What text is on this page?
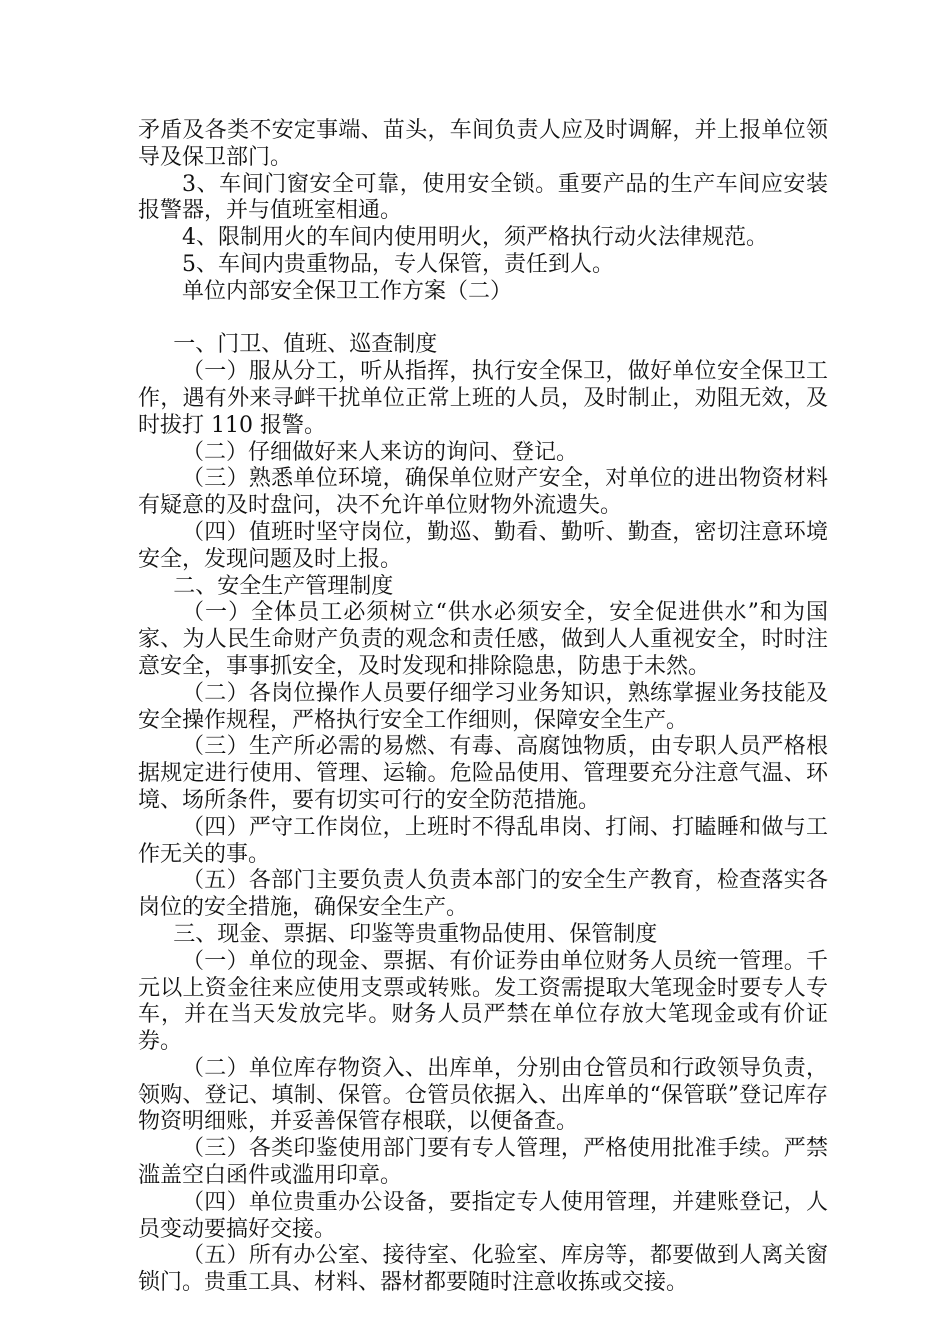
矛盾及各类不安定事端、苗头，车间负责人应及时调解，并上报单位领导及保卫部门。

3、车间门窗安全可靠，使用安全锁。重要产品的生产车间应安装报警器，并与值班室相通。

4、限制用火的车间内使用明火，须严格执行动火法律规范。

5、车间内贵重物品，专人保管，责任到人。

单位内部安全保卫工作方案（二）

一、门卫、值班、巡查制度

（一）服从分工，听从指挥，执行安全保卫，做好单位安全保卫工作，遇有外来寻衅干扰单位正常上班的人员，及时制止，劝阻无效，及时拔打 110 报警。

（二）仔细做好来人来访的询问、登记。

（三）熟悉单位环境，确保单位财产安全，对单位的进出物资材料有疑意的及时盘问，决不允许单位财物外流遗失。

（四）值班时坚守岗位，勤巡、勤看、勤听、勤查，密切注意环境安全，发现问题及时上报。

二、安全生产管理制度

（一）全体员工必须树立“供水必须安全，安全促进供水”和为国家、为人民生命财产负责的观念和责任感，做到人人重视安全，时时注意安全，事事抓安全，及时发现和排除隐患，防患于未然。

（二）各岗位操作人员要仔细学习业务知识，熟练掌握业务技能及安全操作规程，严格执行安全工作细则，保障安全生产。

（三）生产所必需的易燃、有毒、高腐蚀物质，由专职人员严格根据规定进行使用、管理、运输。危险品使用、管理要充分注意气温、环境、场所条件，要有切实可行的安全防范措施。

（四）严守工作岗位，上班时不得乱串岗、打闹、打瞌睡和做与工作无关的事。

（五）各部门主要负责人负责本部门的安全生产教育，检查落实各岗位的安全措施，确保安全生产。

三、现金、票据、印鉴等贵重物品使用、保管制度

（一）单位的现金、票据、有价证券由单位财务人员统一管理。千元以上资金往来应使用支票或转账。发工资需提取大笔现金时要专人专车，并在当天发放完毕。财务人员严禁在单位存放大笔现金或有价证券。

（二）单位库存物资入、出库单，分别由仓管员和行政领导负责，领购、登记、填制、保管。仓管员依据入、出库单的“保管联”登记库存物资明细账，并妥善保管存根联，以便备查。

（三）各类印鉴使用部门要有专人管理，严格使用批准手续。严禁滥盖空白函件或滥用印章。

（四）单位贵重办公设备，要指定专人使用管理，并建账登记，人员变动要搞好交接。

（五）所有办公室、接待室、化验室、库房等，都要做到人离关窗锁门。贵重工具、材料、器材都要随时注意收拣或交接。
